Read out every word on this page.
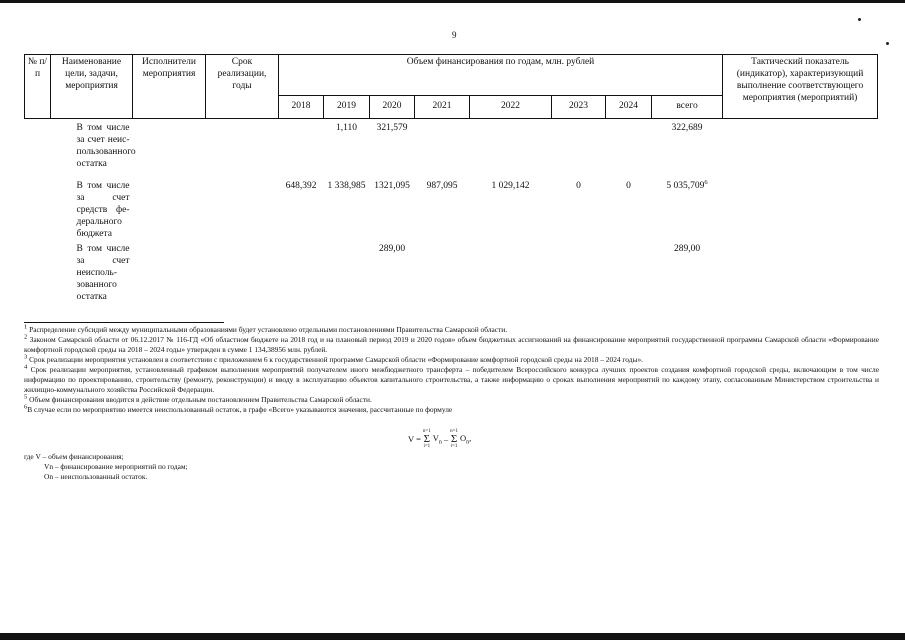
9
№ п/п	Наименование цели, задачи, мероприятия	Исполнители мероприятия	Срок реализации, годы	Объем финансирования по годам, млн. рублей								Тактический показатель (индикатор), характеризующий выполнение соответствующего мероприятия (мероприятий)
				2018	2019	2020	2021	2022	2023	2024	всего	
	В том числе за счет неис-пользованного остатка				1,110	321,579					322,689	
	В том числе за счет средств фе-дерального бюджета			648,392	1 338,985	1321,095	987,095	1 029,142	0	0	5 035,709$^6$	
	В том числе за счет неисполь-зованного остатка					289,00					289,00	

$^1$ Распределение субсидий между муниципальными образованиями будет установлено отдельными постановлениями Правительства Самарской области.

$^2$ Законом Самарской области от 06.12.2017 № 116-ГД «Об областном бюджете на 2018 год и на плановый период 2019 и 2020 годов» объем бюджетных ассигнований на финансирование мероприятий государственной программы Самарской области «Формирование комфортной городской среды на 2018 – 2024 годы» утвержден в сумме 1 134,38956 млн. рублей.

$^3$ Срок реализации мероприятия установлен в соответствии с приложением 6 к государственной программе Самарской области «Формирование комфортной городской среды на 2018 – 2024 годы».

$^4$ Срок реализации мероприятия, установленный графиком выполнения мероприятий получателем иного межбюджетного трансферта – победителем Всероссийского конкурса лучших проектов создания комфортной городской среды, включающим в том числе информацию по проектированию, строительству (ремонту, реконструкции) и вводу в эксплуатацию объектов капитального строительства, а также информацию о сроках выполнения мероприятий по каждому этапу, согласованным Министерством строительства и жилищно-коммунального хозяйства Российской Федерации.

$^5$ Объем финансирования вводится в действие отдельным постановлением Правительства Самарской области.

$^6$В случае если по мероприятию имеется неиспользованный остаток, в графе «Всего» указываются значения, рассчитанные по формуле

V =
n=1
Σ
i=1
$V_n$ –
n=1
Σ
i=1
$O_n$,

где V – объем финансирования;

Vn – финансирование мероприятий по годам;

On – неиспользованный остаток.
